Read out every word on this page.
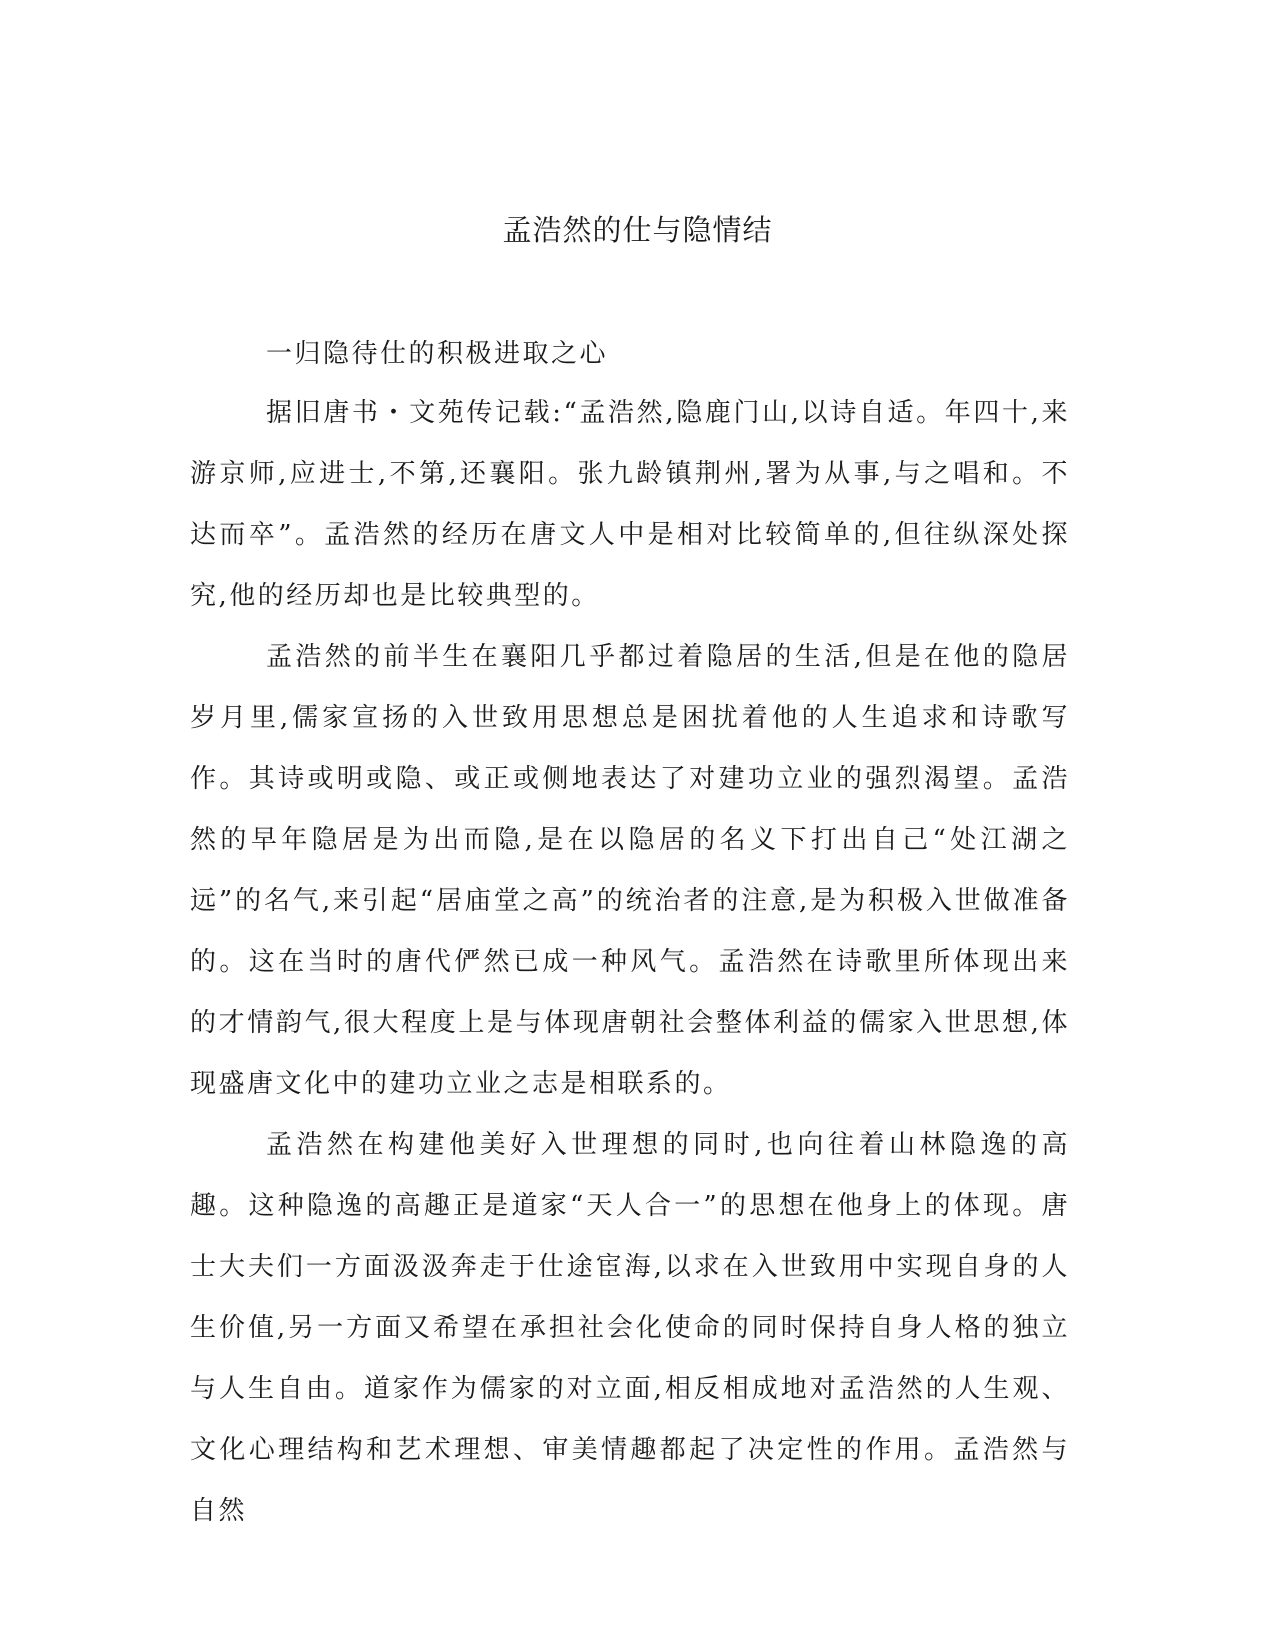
孟浩然的仕与隐情结

一归隐待仕的积极进取之心

据旧唐书・文苑传记载:“孟浩然,隐鹿门山,以诗自适。年四十,来游京师,应进士,不第,还襄阳。张九龄镇荆州,署为从事,与之唱和。不达而卒”。孟浩然的经历在唐文人中是相对比较简单的,但往纵深处探究,他的经历却也是比较典型的。

孟浩然的前半生在襄阳几乎都过着隐居的生活,但是在他的隐居岁月里,儒家宣扬的入世致用思想总是困扰着他的人生追求和诗歌写作。其诗或明或隐、或正或侧地表达了对建功立业的强烈渴望。孟浩然的早年隐居是为出而隐,是在以隐居的名义下打出自己“处江湖之远”的名气,来引起“居庙堂之高”的统治者的注意,是为积极入世做准备的。这在当时的唐代俨然已成一种风气。孟浩然在诗歌里所体现出来的才情韵气,很大程度上是与体现唐朝社会整体利益的儒家入世思想,体现盛唐文化中的建功立业之志是相联系的。

孟浩然在构建他美好入世理想的同时,也向往着山林隐逸的高趣。这种隐逸的高趣正是道家“天人合一”的思想在他身上的体现。唐士大夫们一方面汲汲奔走于仕途宦海,以求在入世致用中实现自身的人生价值,另一方面又希望在承担社会化使命的同时保持自身人格的独立与人生自由。道家作为儒家的对立面,相反相成地对孟浩然的人生观、文化心理结构和艺术理想、审美情趣都起了决定性的作用。孟浩然与自然
